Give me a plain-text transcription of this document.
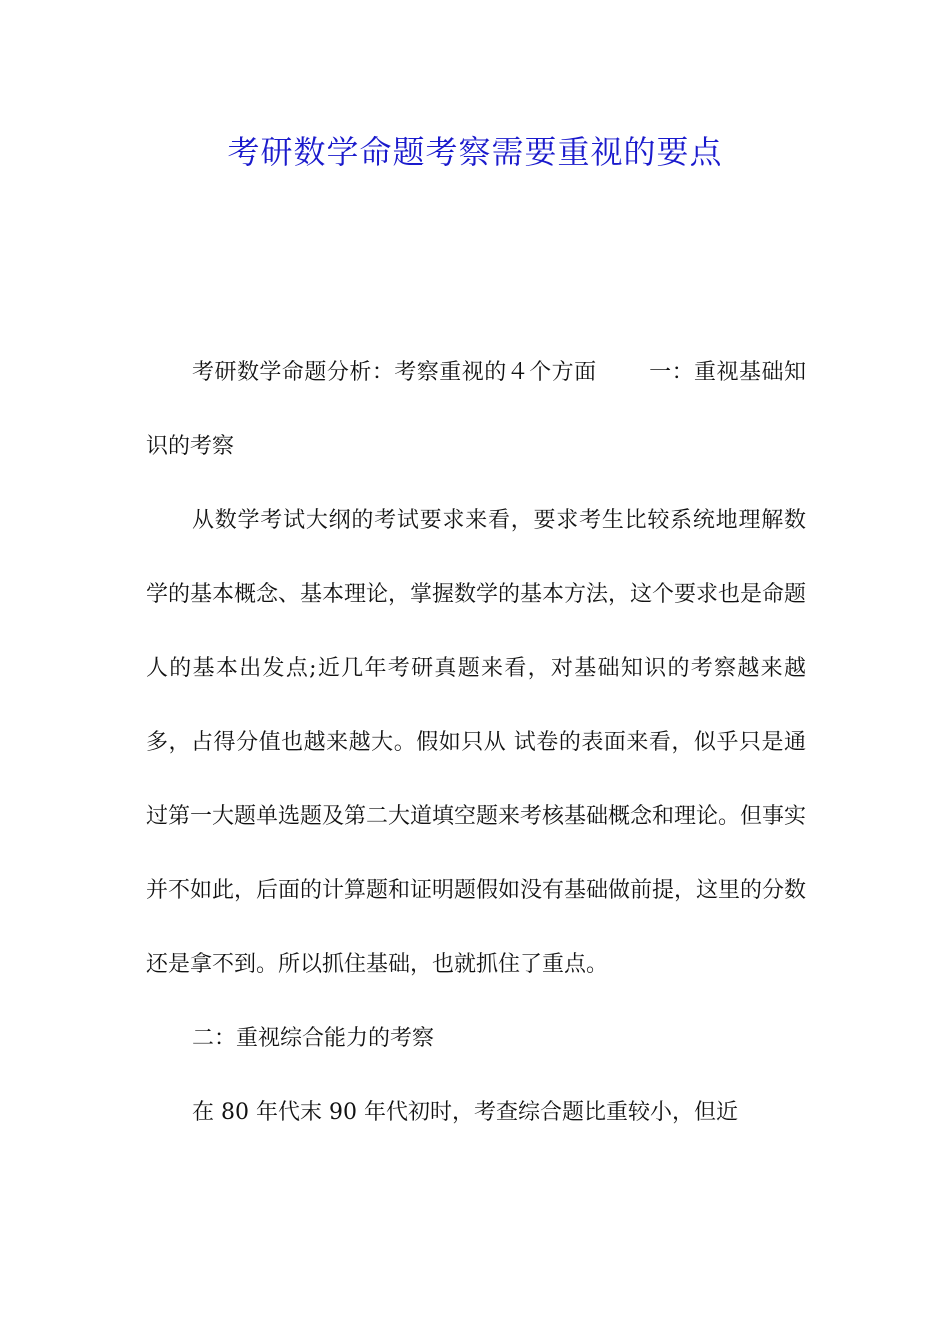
考研数学命题考察需要重视的要点

考研数学命题分析：考察重视的４个方面 一：重视基础知识的考察

从数学考试大纲的考试要求来看，要求考生比较系统地理解数学的基本概念、基本理论，掌握数学的基本方法，这个要求也是命题人的基本出发点;近几年考研真题来看，对基础知识的考察越来越多，占得分值也越来越大。假如只从 试卷的表面来看，似乎只是通过第一大题单选题及第二大道填空题来考核基础概念和理论。但事实并不如此，后面的计算题和证明题假如没有基础做前提，这里的分数还是拿不到。所以抓住基础，也就抓住了重点。

二：重视综合能力的考察

在 80 年代末 90 年代初时，考查综合题比重较小，但近
